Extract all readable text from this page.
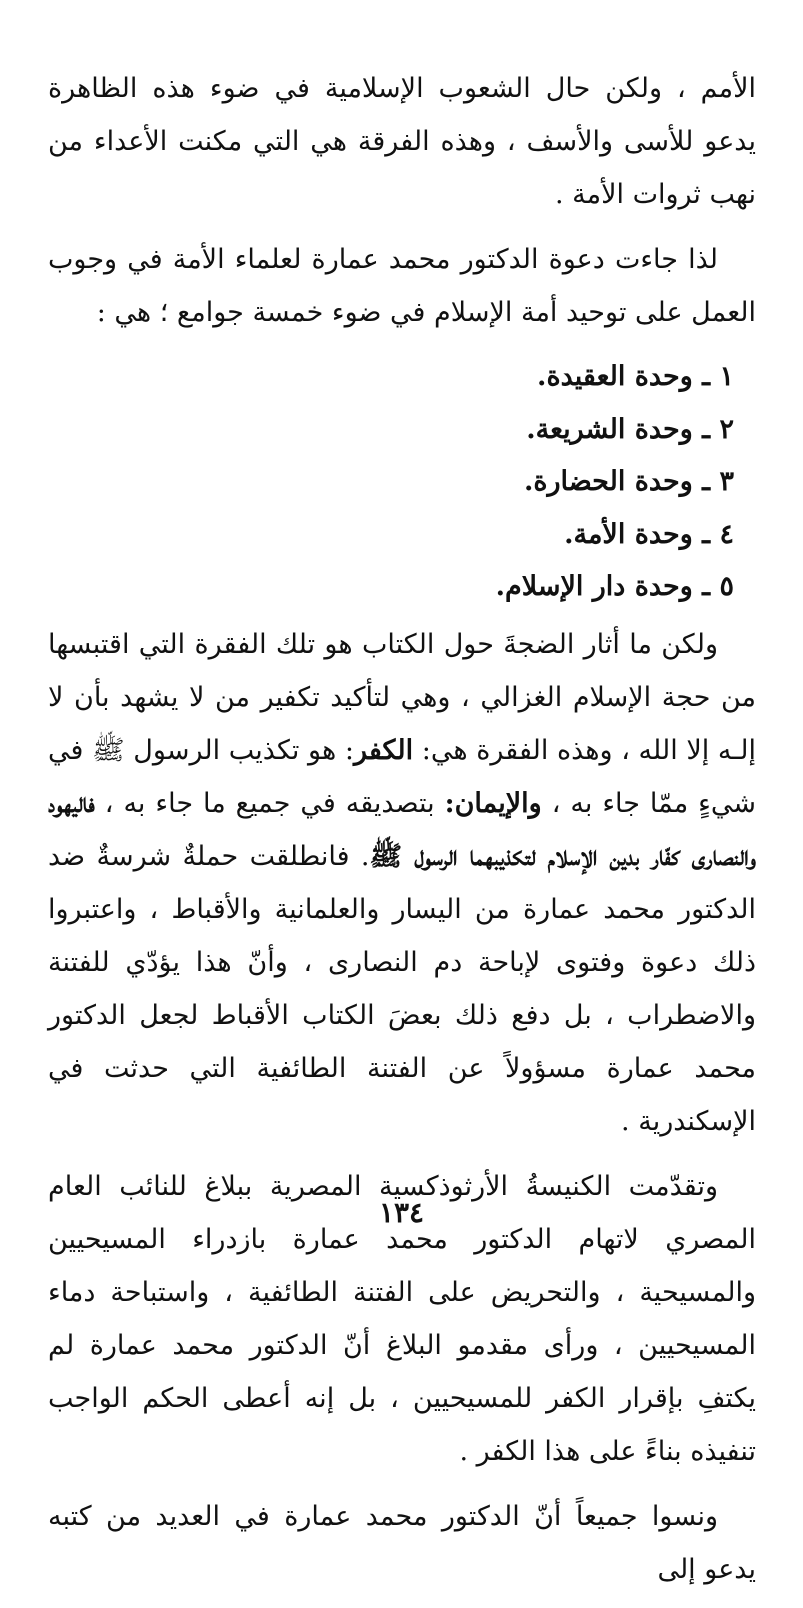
الأمم ، ولكن حال الشعوب الإسلامية في ضوء هذه الظاهرة يدعو للأسى والأسف ، وهذه الفرقة هي التي مكنت الأعداء من نهب ثروات الأمة .

لذا جاءت دعوة الدكتور محمد عمارة لعلماء الأمة في وجوب العمل على توحيد أمة الإسلام في ضوء خمسة جوامع ؛ هي :

١ ـ وحدة العقيدة.
٢ ـ وحدة الشريعة.
٣ ـ وحدة الحضارة.
٤ ـ وحدة الأمة.
٥ ـ وحدة دار الإسلام.

ولكن ما أثار الضجةَ حول الكتاب هو تلك الفقرة التي اقتبسها من حجة الإسلام الغزالي ، وهي لتأكيد تكفير من لا يشهد بأن لا إلـه إلا الله ، وهذه الفقرة هي: الكفر: هو تكذيب الرسول ﷺ في شيءٍ ممّا جاء به ، والإيمان: بتصديقه في جميع ما جاء به ، فاليهود والنصارى كفّار بدين الإسلام لتكذيبهما الرسول ﷺ. فانطلقت حملةٌ شرسةٌ ضد الدكتور محمد عمارة من اليسار والعلمانية والأقباط ، واعتبروا ذلك دعوة وفتوى لإباحة دم النصارى ، وأنّ هذا يؤدّي للفتنة والاضطراب ، بل دفع ذلك بعضَ الكتاب الأقباط لجعل الدكتور محمد عمارة مسؤولاً عن الفتنة الطائفية التي حدثت في الإسكندرية .

وتقدّمت الكنيسةُ الأرثوذكسية المصرية ببلاغ للنائب العام المصري لاتهام الدكتور محمد عمارة بازدراء المسيحيين والمسيحية ، والتحريض على الفتنة الطائفية ، واستباحة دماء المسيحيين ، ورأى مقدمو البلاغ أنّ الدكتور محمد عمارة لم يكتفِ بإقرار الكفر للمسيحيين ، بل إنه أعطى الحكم الواجب تنفيذه بناءً على هذا الكفر .

ونسوا جميعاً أنّ الدكتور محمد عمارة في العديد من كتبه يدعو إلى

١٣٤
